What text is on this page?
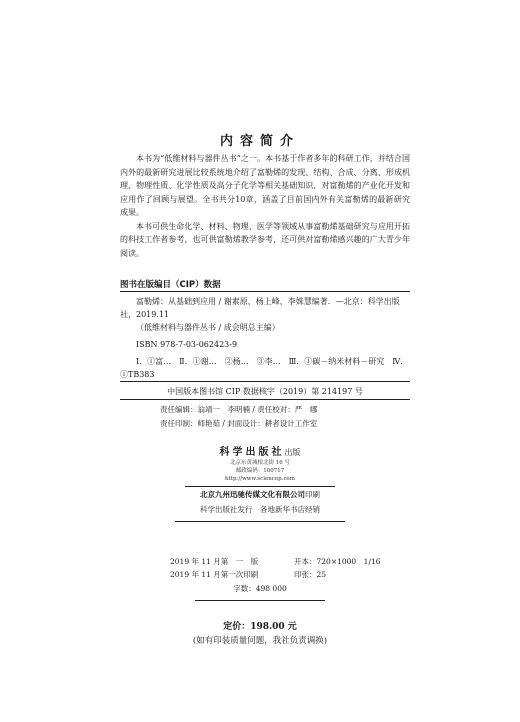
内容简介

本书为“低维材料与器件丛书”之一。本书基于作者多年的科研工作，并结合国内外的最新研究进展比较系统地介绍了富勒烯的发现、结构、合成、分离、形成机理、物理性质、化学性质及高分子化学等相关基础知识，对富勒烯的产业化开发和应用作了回顾与展望。全书共分10章，涵盖了目前国内外有关富勒烯的最新研究成果。

本书可供生命化学、材料、物理、医学等领域从事富勒烯基础研究与应用开拓的科技工作者参考，也可供富勒烯教学参考，还可供对富勒烯感兴趣的广大青少年阅读。

图书在版编目（CIP）数据
富勒烯：从基础到应用 / 谢素原，杨上峰，李姝慧编著．—北京：科学出版社，2019.11
（低维材料与器件丛书 / 成会明总主编）
ISBN 978-7-03-062423-9
Ⅰ．①富…　Ⅱ．①谢…　②杨…　③李…　Ⅲ．①碳－纳米材料－研究　Ⅳ．①TB383
中国版本图书馆 CIP 数据核字（2019）第 214197 号
责任编辑：翁靖一　李明楠 / 责任校对：严　娜
责任印制：师艳茹 / 封面设计：耕者设计工作室
科学出版社出版
北京东黄城根北街 16 号
邮政编码：100717
http://www.sciencep.com
北京九州迅驰传媒文化有限公司印刷
科学出版社发行　各地新华书店经销
2019 年 11 月第　一　版	开本：720×1000　1/16
2019 年 11 月第一次印刷	印张：25
字数：498 000
定价：198.00 元
(如有印装质量问题，我社负责调换)
